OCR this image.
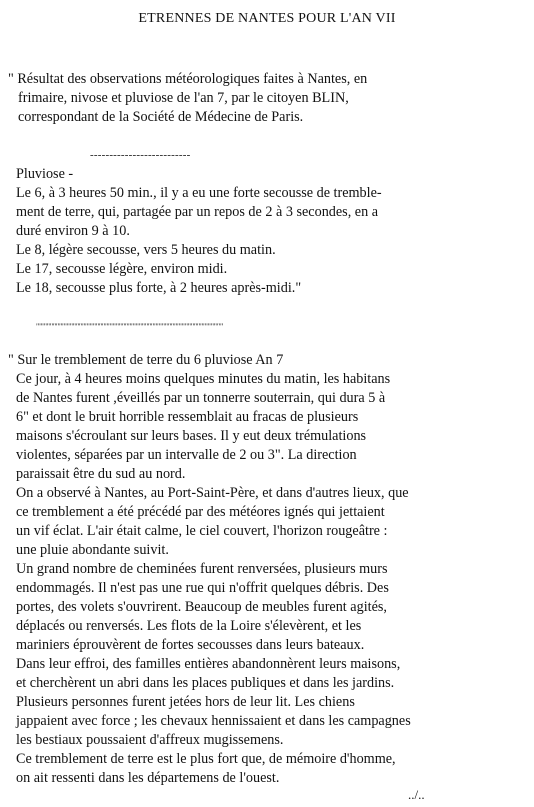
ETRENNES DE NANTES POUR L'AN VII
" Résultat des observations météorologiques faites à Nantes, en
frimaire, nivose et pluviose de l'an 7, par le citoyen BLIN,
correspondant de la Société de Médecine de Paris.
--------------------------
Pluviose -
Le 6, à 3 heures 50 min., il y a eu une forte secousse de tremble-
ment de terre, qui, partagée par un repos de 2 à 3 secondes, en a
duré environ 9 à 10.
Le 8, légère secousse, vers 5 heures du matin.
Le 17, secousse légère, environ midi.
Le 18, secousse plus forte, à 2 heures après-midi."
"""""""""""""""""""""""""""""""""""""""""""""""""""""""""""""
" Sur le tremblement de terre du 6 pluviose An 7
Ce jour, à 4 heures moins quelques minutes du matin, les habitans
de Nantes furent ,éveillés par un tonnerre souterrain, qui dura 5 à
6" et dont le bruit horrible ressemblait au fracas de plusieurs
maisons s'écroulant sur leurs bases. Il y eut deux trémulations
violentes, séparées par un intervalle de 2 ou 3". La direction
paraissait être du sud au nord.
On a observé à Nantes, au Port-Saint-Père, et dans d'autres lieux, que
ce tremblement a été précédé par des météores ignés qui jettaient
un vif éclat. L'air était calme, le ciel couvert, l'horizon rougeâtre :
une pluie abondante suivit.
Un grand nombre de cheminées furent renversées, plusieurs murs
endommagés. Il n'est pas une rue qui n'offrit quelques débris. Des
portes, des volets s'ouvrirent. Beaucoup de meubles furent agités,
déplacés ou renversés. Les flots de la Loire s'élevèrent, et les
mariniers éprouvèrent de fortes secousses dans leurs bateaux.
Dans leur effroi, des familles entières abandonnèrent leurs maisons,
et cherchèrent un abri dans les places publiques et dans les jardins.
Plusieurs personnes furent jetées hors de leur lit. Les chiens
jappaient avec force ; les chevaux hennissaient et dans les campagnes
les bestiaux poussaient d'affreux mugissemens.
Ce tremblement de terre est le plus fort que, de mémoire d'homme,
on ait ressenti dans les départemens de l'ouest.
../..
